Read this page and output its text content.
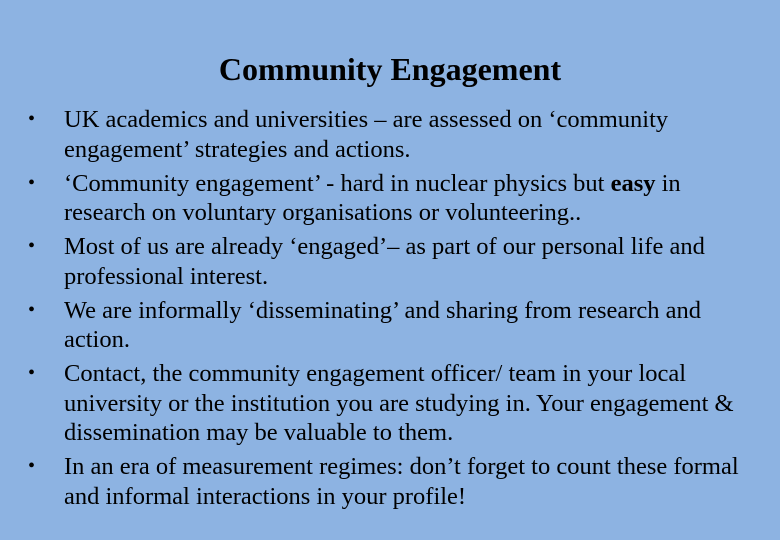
Community Engagement
• UK academics and universities – are assessed on ‘community engagement’ strategies and actions.
• ‘Community engagement’ - hard in nuclear physics but easy in research on voluntary organisations or volunteering..
• Most of us are already ‘engaged’– as part of our personal life and professional interest.
• We are informally ‘disseminating’ and sharing from research and action.
• Contact, the community engagement officer/ team in your local university or the institution you are studying in. Your engagement & dissemination may be valuable to them.
• In an era of measurement regimes: don’t forget to count these formal and informal interactions in your profile!
